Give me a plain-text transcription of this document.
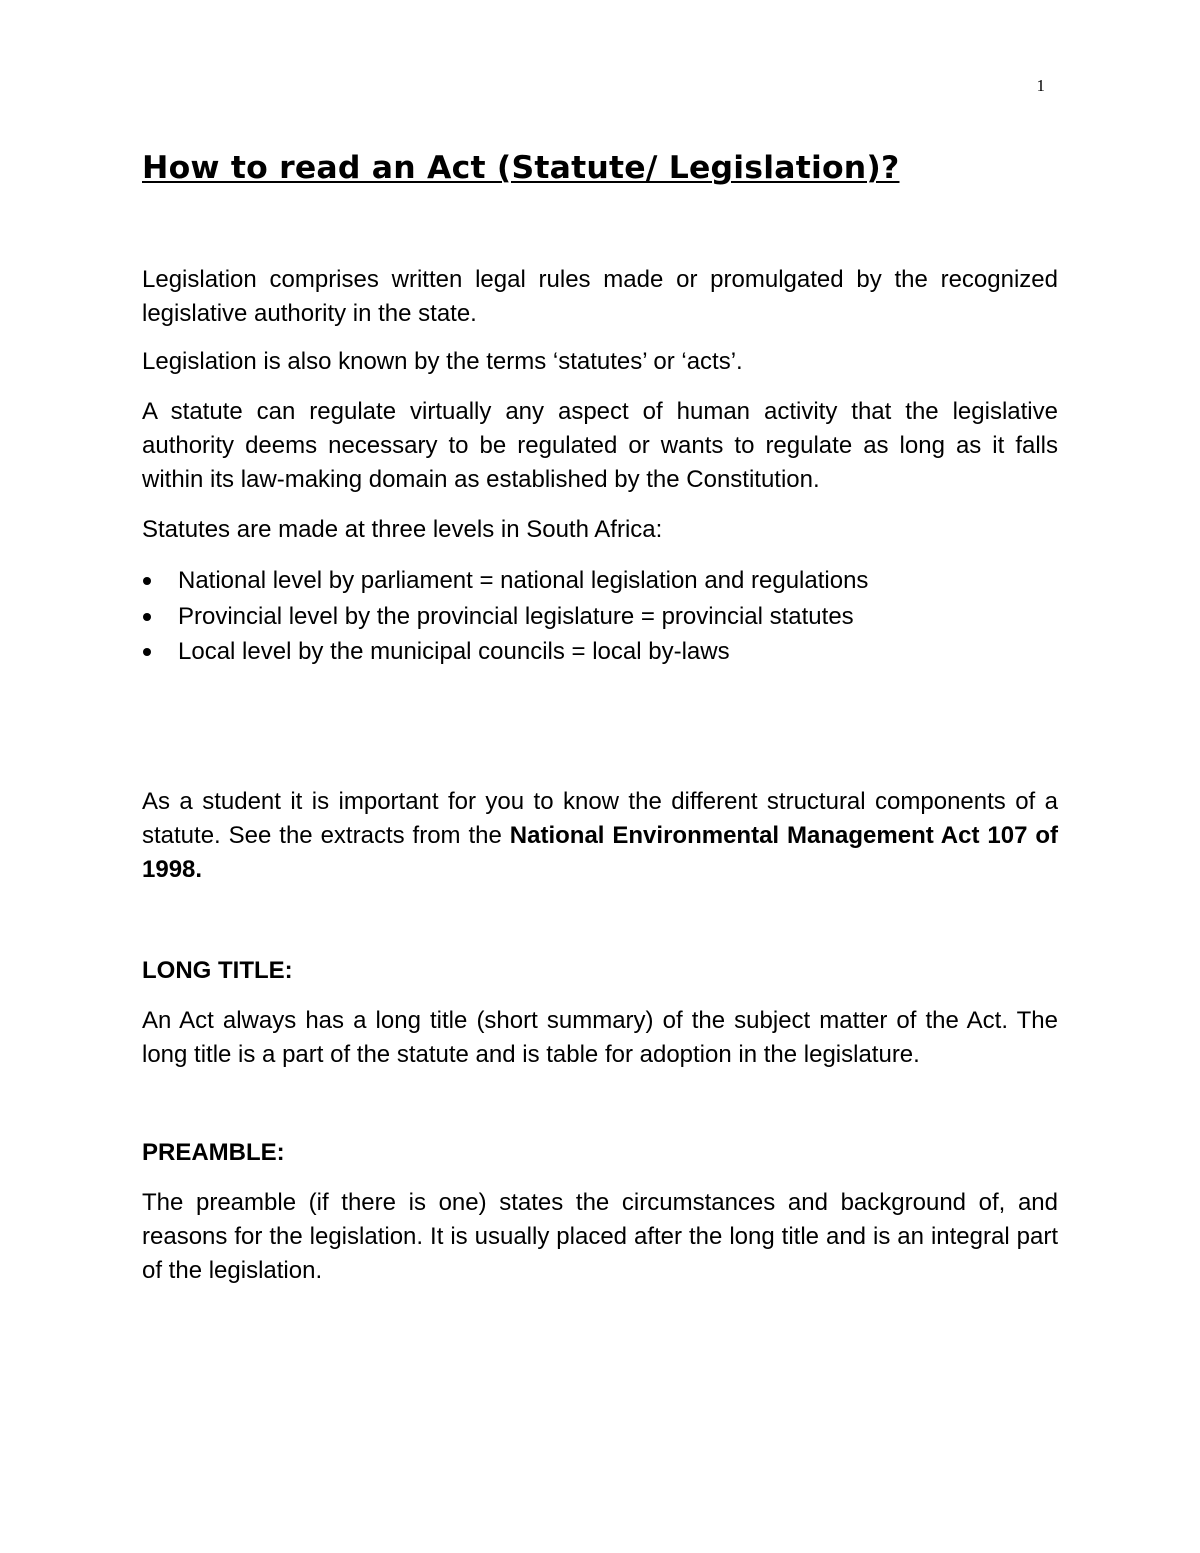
1
How to read an Act (Statute/ Legislation)?

Legislation comprises written legal rules made or promulgated by the recognized legislative authority in the state.

Legislation is also known by the terms ‘statutes’ or ‘acts’.

A statute can regulate virtually any aspect of human activity that the legislative authority deems necessary to be regulated or wants to regulate as long as it falls within its law-making domain as established by the Constitution.

Statutes are made at three levels in South Africa:

National level by parliament = national legislation and regulations
Provincial level by the provincial legislature = provincial statutes
Local level by the municipal councils = local by-laws

As a student it is important for you to know the different structural components of a statute. See the extracts from the National Environmental Management Act 107 of 1998.

LONG TITLE:

An Act always has a long title (short summary) of the subject matter of the Act. The long title is a part of the statute and is table for adoption in the legislature.

PREAMBLE:

The preamble (if there is one) states the circumstances and background of, and reasons for the legislation. It is usually placed after the long title and is an integral part of the legislation.
